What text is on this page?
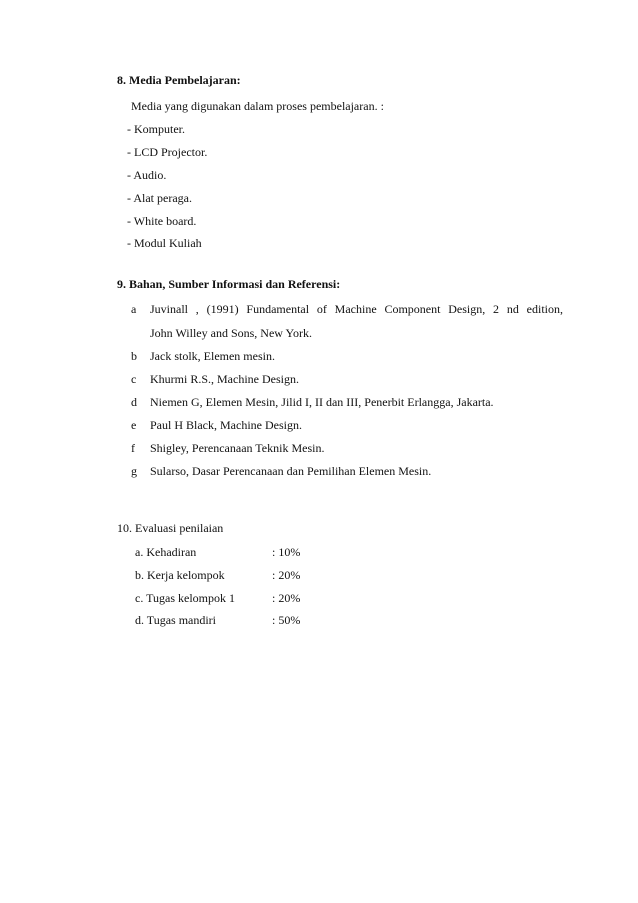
8. Media Pembelajaran:
Media yang digunakan dalam proses pembelajaran. :
- Komputer.
- LCD Projector.
- Audio.
- Alat peraga.
- White board.
- Modul Kuliah
9. Bahan, Sumber Informasi dan Referensi:
a Juvinall , (1991) Fundamental of Machine Component Design, 2 nd edition,
John Willey and Sons, New York.
b Jack stolk, Elemen mesin.
c Khurmi R.S., Machine Design.
d Niemen G, Elemen Mesin, Jilid I, II dan III, Penerbit Erlangga, Jakarta.
e Paul H Black, Machine Design.
f Shigley, Perencanaan Teknik Mesin.
g Sularso, Dasar Perencanaan dan Pemilihan Elemen Mesin.
10. Evaluasi penilaian
a. Kehadiran	: 10%
b. Kerja kelompok	: 20%
c. Tugas kelompok 1	: 20%
d. Tugas mandiri	: 50%
